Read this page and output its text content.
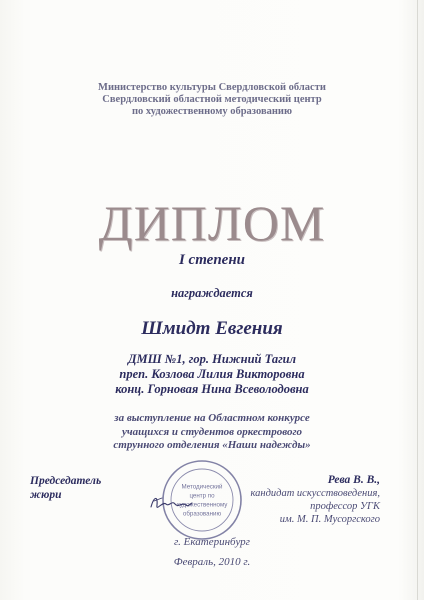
Министерство культуры Свердловской области
Свердловский областной методический центр
по художественному образованию
ДИПЛОМ
I степени
награждается
Шмидт Евгения
ДМШ №1, гор. Нижний Тагил
преп. Козлова Лилия Викторовна
конц. Горновая Нина Всеволодовна
за выступление на Областном конкурсе
учащихся и студентов оркестрового
струнного отделения «Наши надежды»
Председатель
жюри
Рева В. В.,
кандидат искусствоведения,
профессор УГК
им. М. П. Мусоргского
Методический
центр по
художественному
образованию
г. Екатеринбург
Февраль, 2010 г.
